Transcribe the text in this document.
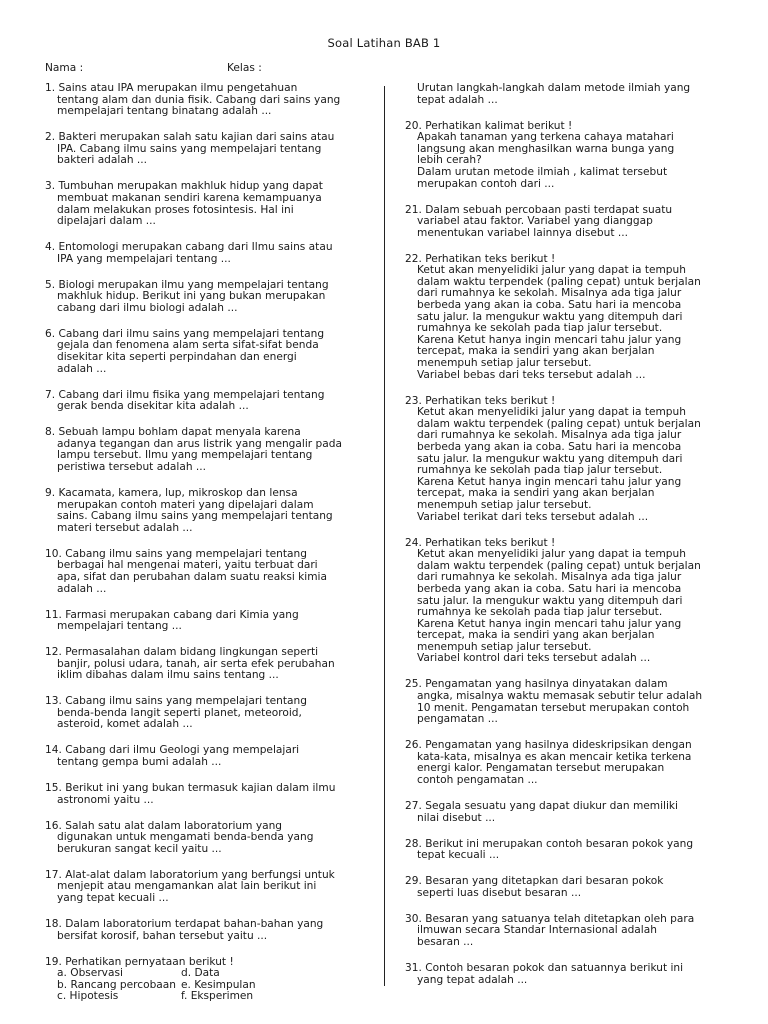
Soal Latihan BAB 1
Nama :	Kelas :
1. Sains atau IPA merupakan ilmu pengetahuan
tentang alam dan dunia fisik. Cabang dari sains yang
mempelajari tentang binatang adalah ...
2. Bakteri merupakan salah satu kajian dari sains atau
IPA. Cabang ilmu sains yang mempelajari tentang
bakteri adalah ...
3. Tumbuhan merupakan makhluk hidup yang dapat
membuat makanan sendiri karena kemampuanya
dalam melakukan proses fotosintesis. Hal ini
dipelajari dalam ...
4. Entomologi merupakan cabang dari Ilmu sains atau
IPA yang mempelajari tentang ...
5. Biologi merupakan ilmu yang mempelajari tentang
makhluk hidup. Berikut ini yang bukan merupakan
cabang dari ilmu biologi adalah ...
6. Cabang dari ilmu sains yang mempelajari tentang
gejala dan fenomena alam serta sifat-sifat benda
disekitar kita seperti perpindahan dan energi
adalah ...
7. Cabang dari ilmu fisika yang mempelajari tentang
gerak benda disekitar kita adalah ...
8. Sebuah lampu bohlam dapat menyala karena
adanya tegangan dan arus listrik yang mengalir pada
lampu tersebut. Ilmu yang mempelajari tentang
peristiwa tersebut adalah ...
9. Kacamata, kamera, lup, mikroskop dan lensa
merupakan contoh materi yang dipelajari dalam
sains. Cabang ilmu sains yang mempelajari tentang
materi tersebut adalah ...
10. Cabang ilmu sains yang mempelajari tentang
berbagai hal mengenai materi, yaitu terbuat dari
apa, sifat dan perubahan dalam suatu reaksi kimia
adalah ...
11. Farmasi merupakan cabang dari Kimia yang
mempelajari tentang ...
12. Permasalahan dalam bidang lingkungan seperti
banjir, polusi udara, tanah, air serta efek perubahan
iklim dibahas dalam ilmu sains tentang ...
13. Cabang ilmu sains yang mempelajari tentang
benda-benda langit seperti planet, meteoroid,
asteroid, komet adalah ...
14. Cabang dari ilmu Geologi yang mempelajari
tentang gempa bumi adalah ...
15. Berikut ini yang bukan termasuk kajian dalam ilmu
astronomi yaitu ...
16. Salah satu alat dalam laboratorium yang
digunakan untuk mengamati benda-benda yang
berukuran sangat kecil yaitu ...
17. Alat-alat dalam laboratorium yang berfungsi untuk
menjepit atau mengamankan alat lain berikut ini
yang tepat kecuali ...
18. Dalam laboratorium terdapat bahan-bahan yang
bersifat korosif, bahan tersebut yaitu ...
19. Perhatikan pernyataan berikut !
a. Observasi	d. Data
b. Rancang percobaan e. Kesimpulan
c. Hipotesis	f. Eksperimen
Urutan langkah-langkah dalam metode ilmiah yang
tepat adalah ...
20. Perhatikan kalimat berikut !
Apakah tanaman yang terkena cahaya matahari
langsung akan menghasilkan warna bunga yang
lebih cerah?
Dalam urutan metode ilmiah , kalimat tersebut
merupakan contoh dari ...
21. Dalam sebuah percobaan pasti terdapat suatu
variabel atau faktor. Variabel yang dianggap
menentukan variabel lainnya disebut ...
22. Perhatikan teks berikut !
Ketut akan menyelidiki jalur yang dapat ia tempuh
dalam waktu terpendek (paling cepat) untuk berjalan
dari rumahnya ke sekolah. Misalnya ada tiga jalur
berbeda yang akan ia coba. Satu hari ia mencoba
satu jalur. Ia mengukur waktu yang ditempuh dari
rumahnya ke sekolah pada tiap jalur tersebut.
Karena Ketut hanya ingin mencari tahu jalur yang
tercepat, maka ia sendiri yang akan berjalan
menempuh setiap jalur tersebut.
Variabel bebas dari teks tersebut adalah ...
23. Perhatikan teks berikut !
Ketut akan menyelidiki jalur yang dapat ia tempuh
dalam waktu terpendek (paling cepat) untuk berjalan
dari rumahnya ke sekolah. Misalnya ada tiga jalur
berbeda yang akan ia coba. Satu hari ia mencoba
satu jalur. Ia mengukur waktu yang ditempuh dari
rumahnya ke sekolah pada tiap jalur tersebut.
Karena Ketut hanya ingin mencari tahu jalur yang
tercepat, maka ia sendiri yang akan berjalan
menempuh setiap jalur tersebut.
Variabel terikat dari teks tersebut adalah ...
24. Perhatikan teks berikut !
Ketut akan menyelidiki jalur yang dapat ia tempuh
dalam waktu terpendek (paling cepat) untuk berjalan
dari rumahnya ke sekolah. Misalnya ada tiga jalur
berbeda yang akan ia coba. Satu hari ia mencoba
satu jalur. Ia mengukur waktu yang ditempuh dari
rumahnya ke sekolah pada tiap jalur tersebut.
Karena Ketut hanya ingin mencari tahu jalur yang
tercepat, maka ia sendiri yang akan berjalan
menempuh setiap jalur tersebut.
Variabel kontrol dari teks tersebut adalah ...
25. Pengamatan yang hasilnya dinyatakan dalam
angka, misalnya waktu memasak sebutir telur adalah
10 menit. Pengamatan tersebut merupakan contoh
pengamatan ...
26. Pengamatan yang hasilnya dideskripsikan dengan
kata-kata, misalnya es akan mencair ketika terkena
energi kalor. Pengamatan tersebut merupakan
contoh pengamatan ...
27. Segala sesuatu yang dapat diukur dan memiliki
nilai disebut ...
28. Berikut ini merupakan contoh besaran pokok yang
tepat kecuali ...
29. Besaran yang ditetapkan dari besaran pokok
seperti luas disebut besaran ...
30. Besaran yang satuanya telah ditetapkan oleh para
ilmuwan secara Standar Internasional adalah
besaran ...
31. Contoh besaran pokok dan satuannya berikut ini
yang tepat adalah ...
